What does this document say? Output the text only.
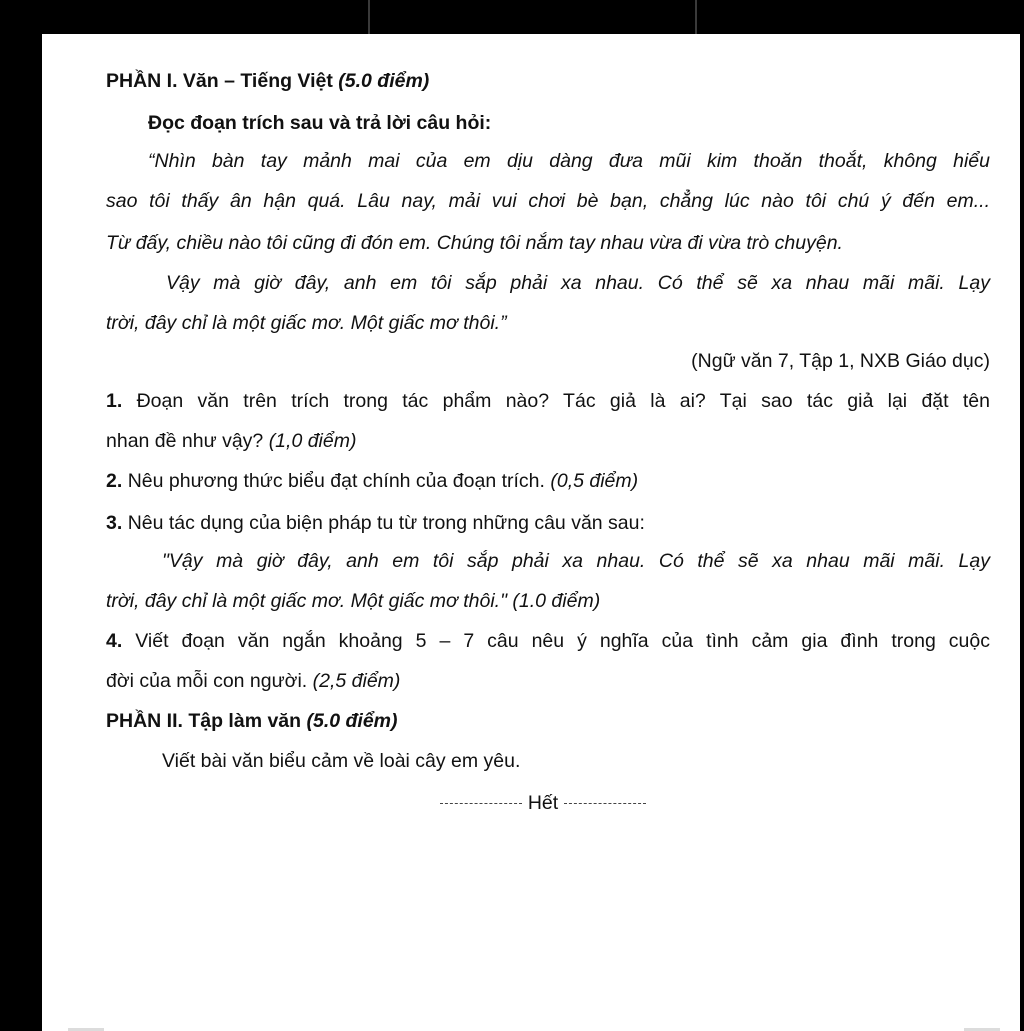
PHẦN I. Văn – Tiếng Việt (5.0 điểm)
Đọc đoạn trích sau và trả lời câu hỏi:
“Nhìn bàn tay mảnh mai của em dịu dàng đưa mũi kim thoăn thoắt, không hiểu
sao tôi thấy ân hận quá. Lâu nay, mải vui chơi bè bạn, chẳng lúc nào tôi chú ý đến em...
Từ đấy, chiều nào tôi cũng đi đón em. Chúng tôi nắm tay nhau vừa đi vừa trò chuyện.
Vậy mà giờ đây, anh em tôi sắp phải xa nhau. Có thể sẽ xa nhau mãi mãi. Lạy
trời, đây chỉ là một giấc mơ. Một giấc mơ thôi.”
(Ngữ văn 7, Tập 1, NXB Giáo dục)
1. Đoạn văn trên trích trong tác phẩm nào? Tác giả là ai? Tại sao tác giả lại đặt tên
nhan đề như vậy? (1,0 điểm)
2. Nêu phương thức biểu đạt chính của đoạn trích. (0,5 điểm)
3. Nêu tác dụng của biện pháp tu từ trong những câu văn sau:
"Vậy mà giờ đây, anh em tôi sắp phải xa nhau. Có thể sẽ xa nhau mãi mãi. Lạy
trời, đây chỉ là một giấc mơ. Một giấc mơ thôi." (1.0 điểm)
4. Viết đoạn văn ngắn khoảng 5 – 7 câu nêu ý nghĩa của tình cảm gia đình trong cuộc
đời của mỗi con người. (2,5 điểm)
PHẦN II. Tập làm văn (5.0 điểm)
Viết bài văn biểu cảm về loài cây em yêu.
Hết
